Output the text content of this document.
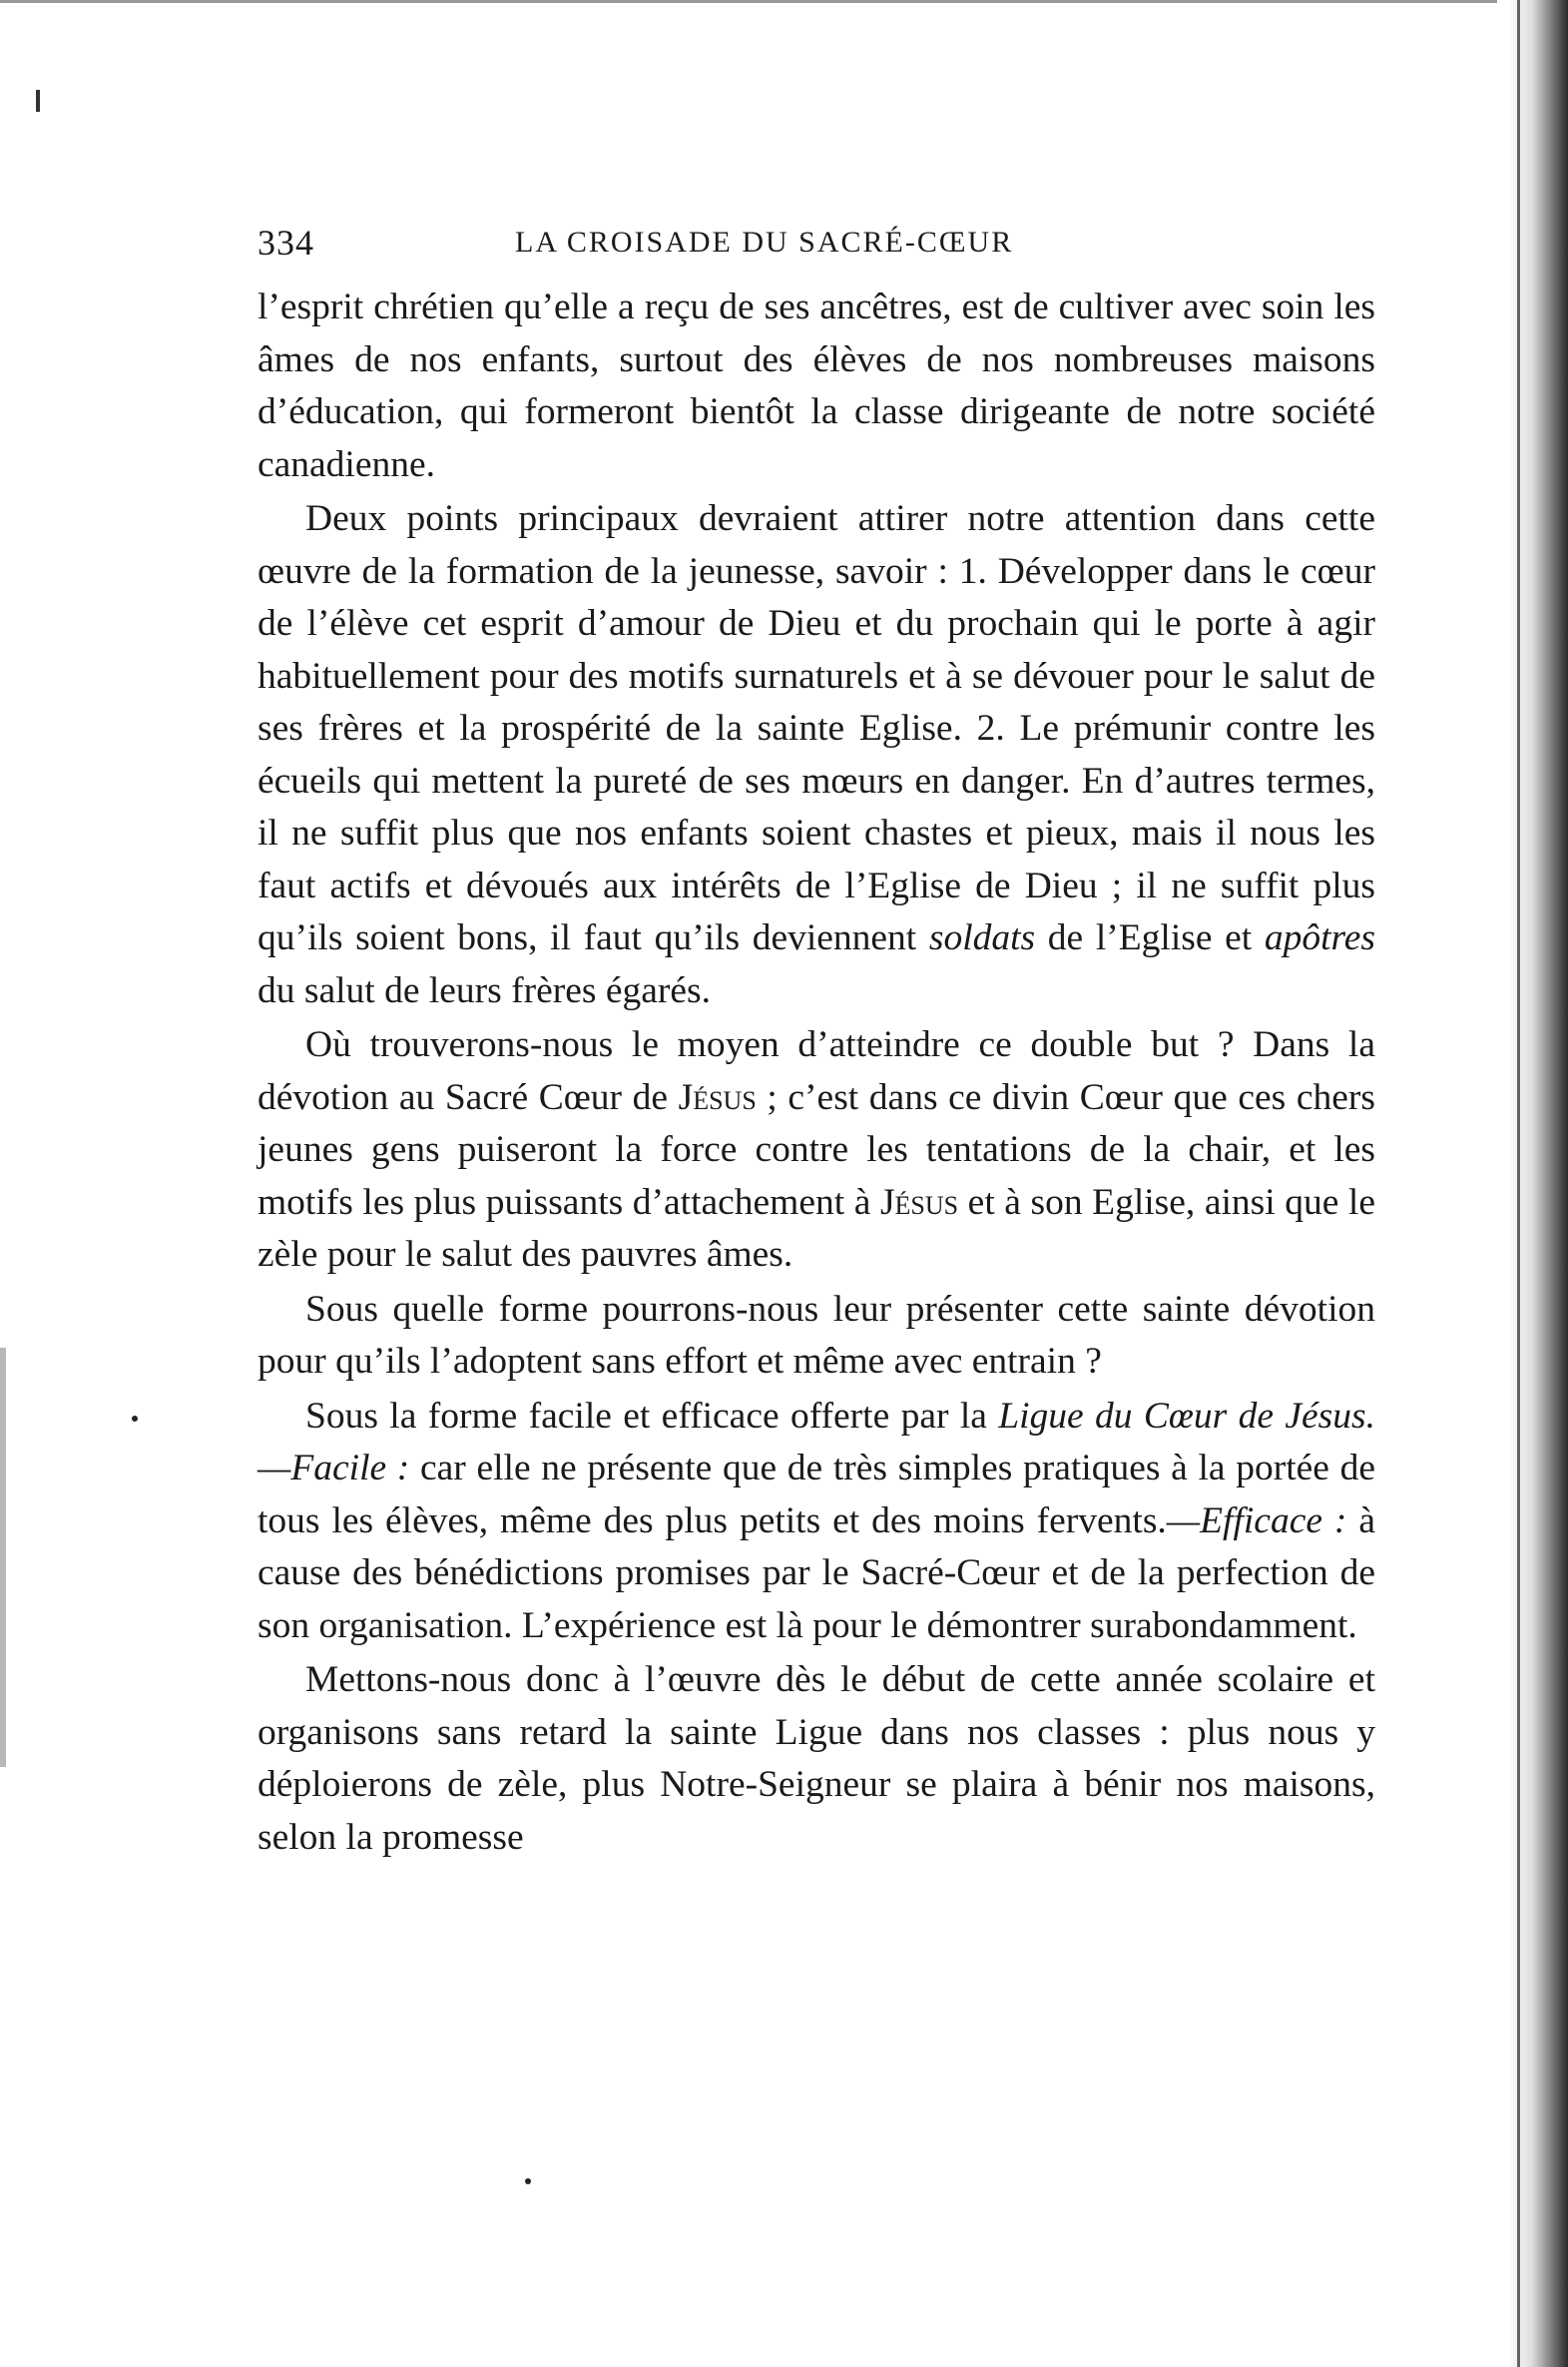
334	LA CROISADE DU SACRÉ-CŒUR

l’esprit chrétien qu’elle a reçu de ses ancêtres, est de cultiver avec soin les âmes de nos enfants, surtout des élèves de nos nombreuses maisons d’éducation, qui formeront bientôt la classe dirigeante de notre société canadienne.

Deux points principaux devraient attirer notre attention dans cette œuvre de la formation de la jeunesse, savoir : 1. Développer dans le cœur de l’élève cet esprit d’amour de Dieu et du prochain qui le porte à agir habituellement pour des motifs surnaturels et à se dévouer pour le salut de ses frères et la prospérité de la sainte Eglise. 2. Le prémunir contre les écueils qui mettent la pureté de ses mœurs en danger. En d’autres termes, il ne suffit plus que nos enfants soient chastes et pieux, mais il nous les faut actifs et dévoués aux intérêts de l’Eglise de Dieu ; il ne suffit plus qu’ils soient bons, il faut qu’ils deviennent soldats de l’Eglise et apôtres du salut de leurs frères égarés.

Où trouverons-nous le moyen d’atteindre ce double but ? Dans la dévotion au Sacré Cœur de Jésus ; c’est dans ce divin Cœur que ces chers jeunes gens puiseront la force contre les tentations de la chair, et les motifs les plus puissants d’attachement à Jésus et à son Eglise, ainsi que le zèle pour le salut des pauvres âmes.

Sous quelle forme pourrons-nous leur présenter cette sainte dévotion pour qu’ils l’adoptent sans effort et même avec entrain ?

Sous la forme facile et efficace offerte par la Ligue du Cœur de Jésus.—Facile : car elle ne présente que de très simples pratiques à la portée de tous les élèves, même des plus petits et des moins fervents.—Efficace : à cause des bénédictions promises par le Sacré-Cœur et de la perfection de son organisation. L’expérience est là pour le démontrer surabondamment.

Mettons-nous donc à l’œuvre dès le début de cette année scolaire et organisons sans retard la sainte Ligue dans nos classes : plus nous y déploierons de zèle, plus Notre-Seigneur se plaira à bénir nos maisons, selon la promesse
